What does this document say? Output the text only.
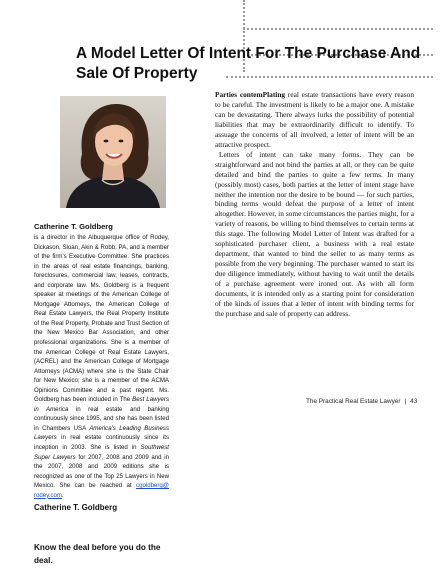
A Model Letter Of Intent For The Purchase And Sale Of Property
Catherine T. Goldberg
is a director in the Albuquerque office of Rodey, Dickason, Sloan, Akin & Robb, PA, and a member of the firm's Executive Committee. She practices in the areas of real estate financings, banking, foreclosures, commercial law, leases, contracts, and corporate law. Ms. Goldberg is a frequent speaker at meetings of the American College of Mortgage Attorneys, the American College of Real Estate Lawyers, the Real Property Institute of the Real Property, Probate and Trust Section of the New Mexico Bar Association, and other professional organizations. She is a member of the American College of Real Estate Lawyers, (ACREL) and the American College of Mortgage Attorneys (ACMA) where she is the State Chair for New Mexico; she is a member of the ACMA Opinions Committee and a past regent. Ms. Goldberg has been included in The Best Lawyers in America in real estate and banking continuously since 1995, and she has been listed in Chambers USA America's Leading Business Lawyers in real estate continuously since its inception in 2003. She is listed in Southwest Super Lawyers for 2007, 2008 and 2009 and in the 2007, 2008 and 2009 editions she is recognized as one of the Top 25 Lawyers in New Mexico. She can be reached at cgoldberg@ rodey.com.
Catherine T. Goldberg
Know the deal before you do the deal.

Parties contemPlating real estate transactions have every reason to be careful. The investment is likely to be a major one. A mistake can be devastating. There always lurks the possibility of potential liabilities that may be extraordinarily difficult to identify. To assuage the concerns of all involved, a letter of intent will be an attractive prospect.

Letters of intent can take many forms. They can be straightforward and not bind the parties at all, or they can be quite detailed and bind the parties to quite a few terms. In many (possibly most) cases, both parties at the letter of intent stage have neither the intention nor the desire to be bound — for such parties, binding terms would defeat the purpose of a letter of intent altogether. However, in some circumstances the parties might, for a variety of reasons, be willing to bind themselves to certain terms at this stage. The following Model Letter of Intent was drafted for a sophisticated purchaser client, a business with a real estate department, that wanted to bind the seller to as many terms as possible from the very beginning. The purchaser wanted to start its due diligence immediately, without having to wait until the details of a purchase agreement were ironed out. As with all form documents, it is intended only as a starting point for consideration of the kinds of issues that a letter of intent with binding terms for the purchase and sale of property can address.

The Practical Real Estate Lawyer | 43
